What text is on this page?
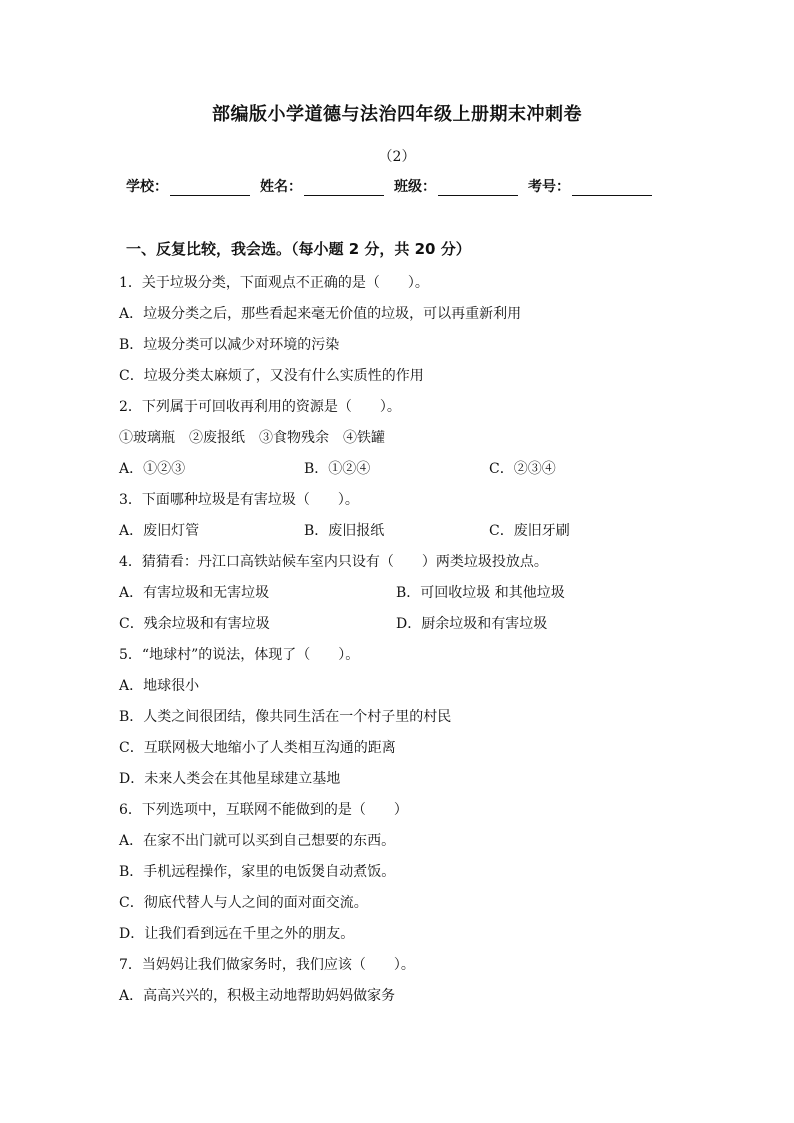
部编版小学道德与法治四年级上册期末冲刺卷
（2）
学校：	姓名：	班级：	考号：
一、反复比较，我会选。（每小题 2 分，共 20 分）
1．关于垃圾分类，下面观点不正确的是（　　）。
A．垃圾分类之后，那些看起来毫无价值的垃圾，可以再重新利用
B．垃圾分类可以减少对环境的污染
C．垃圾分类太麻烦了，又没有什么实质性的作用
2．下列属于可回收再利用的资源是（　　）。
①玻璃瓶　②废报纸　③食物残余　④铁罐
A．①②③	B．①②④	C．②③④
3．下面哪种垃圾是有害垃圾（　　）。
A．废旧灯管	B．废旧报纸	C．废旧牙刷
4．猜猜看：丹江口高铁站候车室内只设有（　　）两类垃圾投放点。
A．有害垃圾和无害垃圾	B．可回收垃圾 和其他垃圾
C．残余垃圾和有害垃圾	D．厨余垃圾和有害垃圾
5．“地球村”的说法，体现了（　　）。
A．地球很小
B．人类之间很团结，像共同生活在一个村子里的村民
C．互联网极大地缩小了人类相互沟通的距离
D．未来人类会在其他星球建立基地
6．下列选项中，互联网不能做到的是（　　）
A．在家不出门就可以买到自己想要的东西。
B．手机远程操作，家里的电饭煲自动煮饭。
C．彻底代替人与人之间的面对面交流。
D．让我们看到远在千里之外的朋友。
7．当妈妈让我们做家务时，我们应该（　　）。
A．高高兴兴的，积极主动地帮助妈妈做家务
